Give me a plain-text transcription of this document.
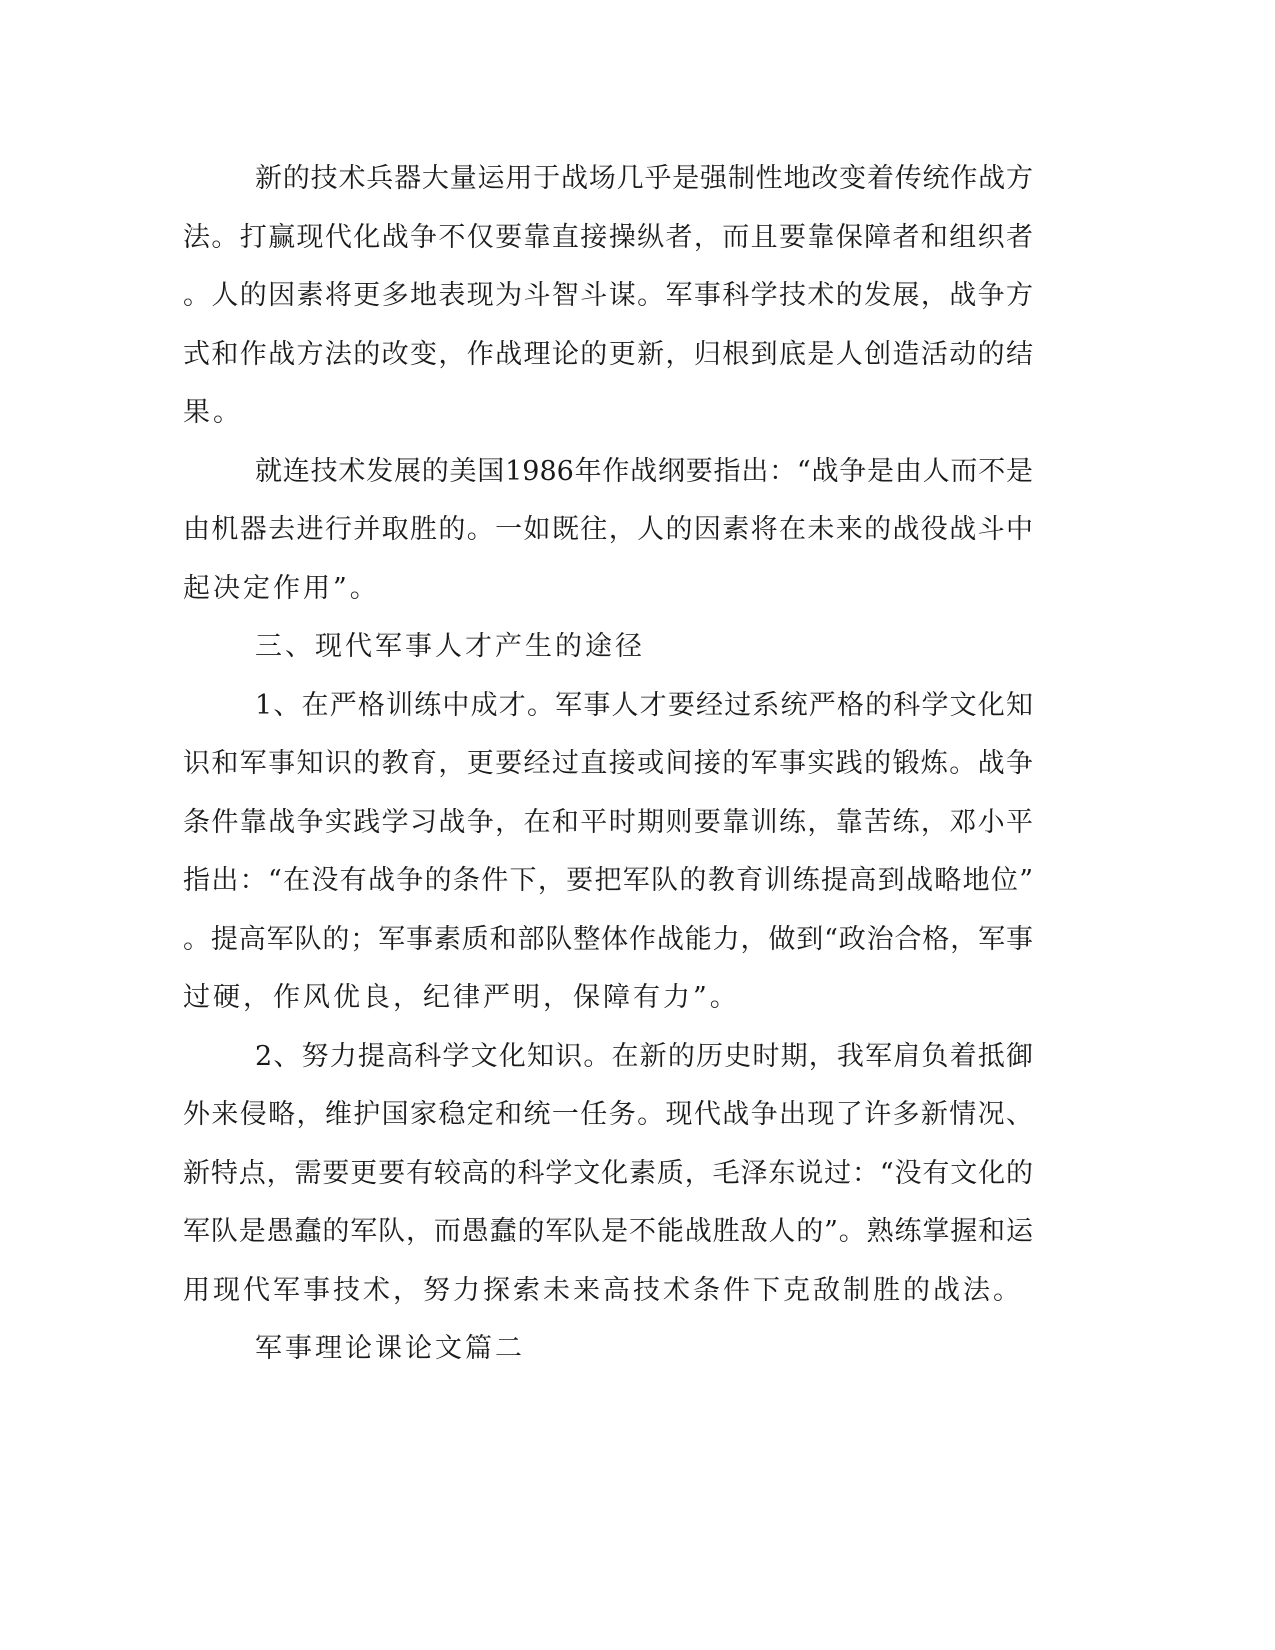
新的技术兵器大量运用于战场几乎是强制性地改变着传统作战方
法。打赢现代化战争不仅要靠直接操纵者，而且要靠保障者和组织者
。人的因素将更多地表现为斗智斗谋。军事科学技术的发展，战争方
式和作战方法的改变，作战理论的更新，归根到底是人创造活动的结
果。
就连技术发展的美国1986年作战纲要指出：“战争是由人而不是
由机器去进行并取胜的。一如既往，人的因素将在未来的战役战斗中
起决定作用”。
三、现代军事人才产生的途径
1、在严格训练中成才。军事人才要经过系统严格的科学文化知
识和军事知识的教育，更要经过直接或间接的军事实践的锻炼。战争
条件靠战争实践学习战争，在和平时期则要靠训练，靠苦练，邓小平
指出：“在没有战争的条件下，要把军队的教育训练提高到战略地位”
。提高军队的；军事素质和部队整体作战能力，做到“政治合格，军事
过硬，作风优良，纪律严明，保障有力”。
2、努力提高科学文化知识。在新的历史时期，我军肩负着抵御
外来侵略，维护国家稳定和统一任务。现代战争出现了许多新情况、
新特点，需要更要有较高的科学文化素质，毛泽东说过：“没有文化的
军队是愚蠢的军队，而愚蠢的军队是不能战胜敌人的”。熟练掌握和运
用现代军事技术，努力探索未来高技术条件下克敌制胜的战法。
军事理论课论文篇二
